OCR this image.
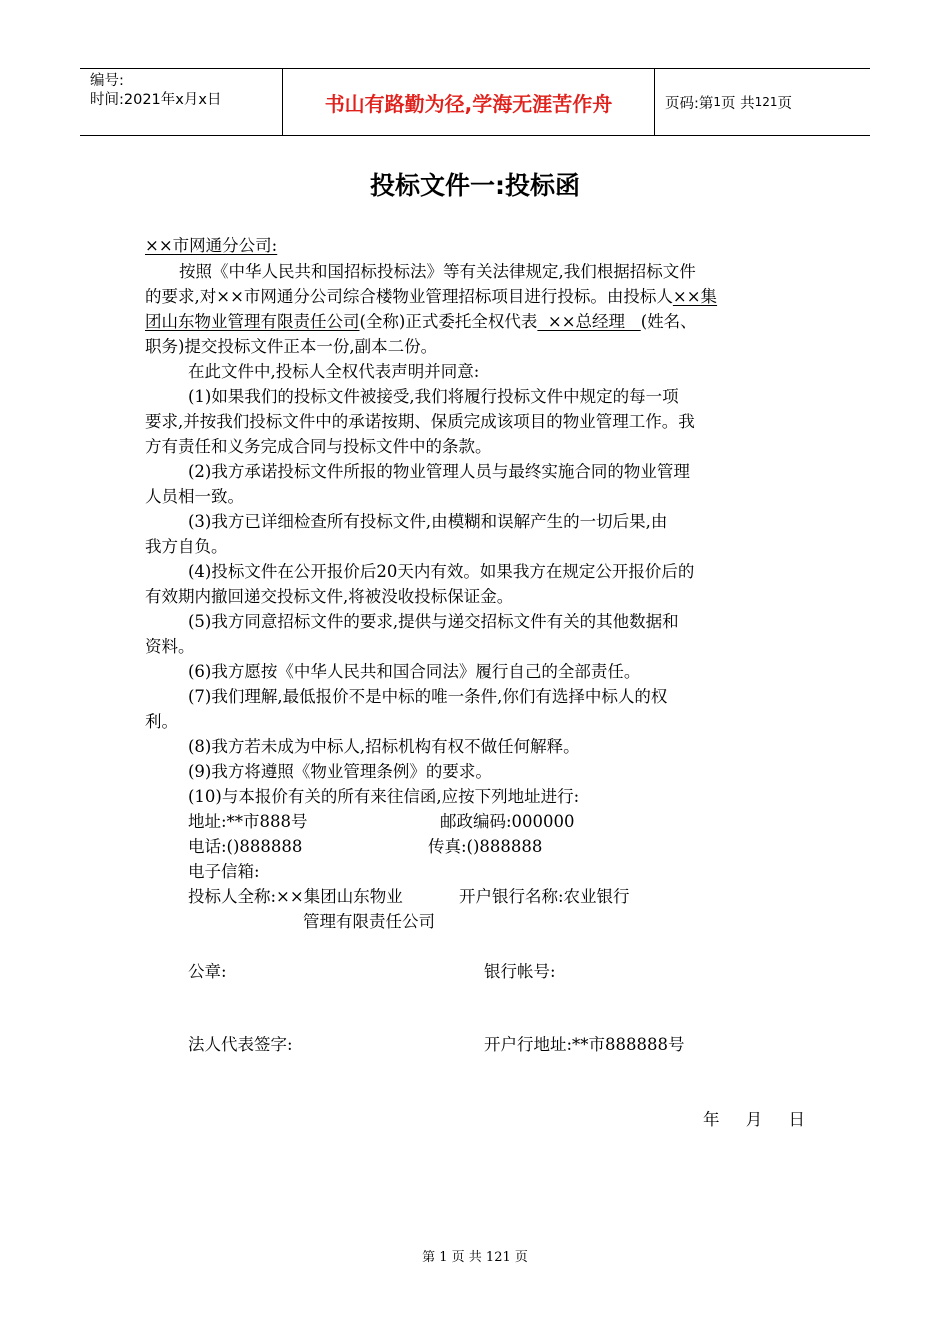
编号:
时间:2021年x月x日	书山有路勤为径,学海无涯苦作舟	页码:第 1 页 共 121 页
投标文件一:投标函
××市网通分公司:
按照《中华人民共和国招标投标法》等有关法律规定,我们根据招标文件
的要求,对××市网通分公司综合楼物业管理招标项目进行投标。由投标人××集
团山东物业管理有限责任公司(全称)正式委托全权代表  ××总经理   (姓名、
职务)提交投标文件正本一份,副本二份。
在此文件中,投标人全权代表声明并同意:
(1)如果我们的投标文件被接受,我们将履行投标文件中规定的每一项
要求,并按我们投标文件中的承诺按期、保质完成该项目的物业管理工作。我
方有责任和义务完成合同与投标文件中的条款。
(2)我方承诺投标文件所报的物业管理人员与最终实施合同的物业管理
人员相一致。
(3)我方已详细检查所有投标文件,由模糊和误解产生的一切后果,由
我方自负。
(4)投标文件在公开报价后20天内有效。如果我方在规定公开报价后的
有效期内撤回递交投标文件,将被没收投标保证金。
(5)我方同意招标文件的要求,提供与递交招标文件有关的其他数据和
资料。
(6)我方愿按《中华人民共和国合同法》履行自己的全部责任。
(7)我们理解,最低报价不是中标的唯一条件,你们有选择中标人的权
利。
(8)我方若未成为中标人,招标机构有权不做任何解释。
(9)我方将遵照《物业管理条例》的要求。
(10)与本报价有关的所有来往信函,应按下列地址进行:
地址:**市888号	邮政编码:000000
电话:()888888	传真:()888888
电子信箱:
投标人全称:××集团山东物业	开户银行名称:农业银行
管理有限责任公司
公章:	银行帐号:
法人代表签字:	开户行地址:**市888888号
年     月     日
第 1 页 共 121 页
